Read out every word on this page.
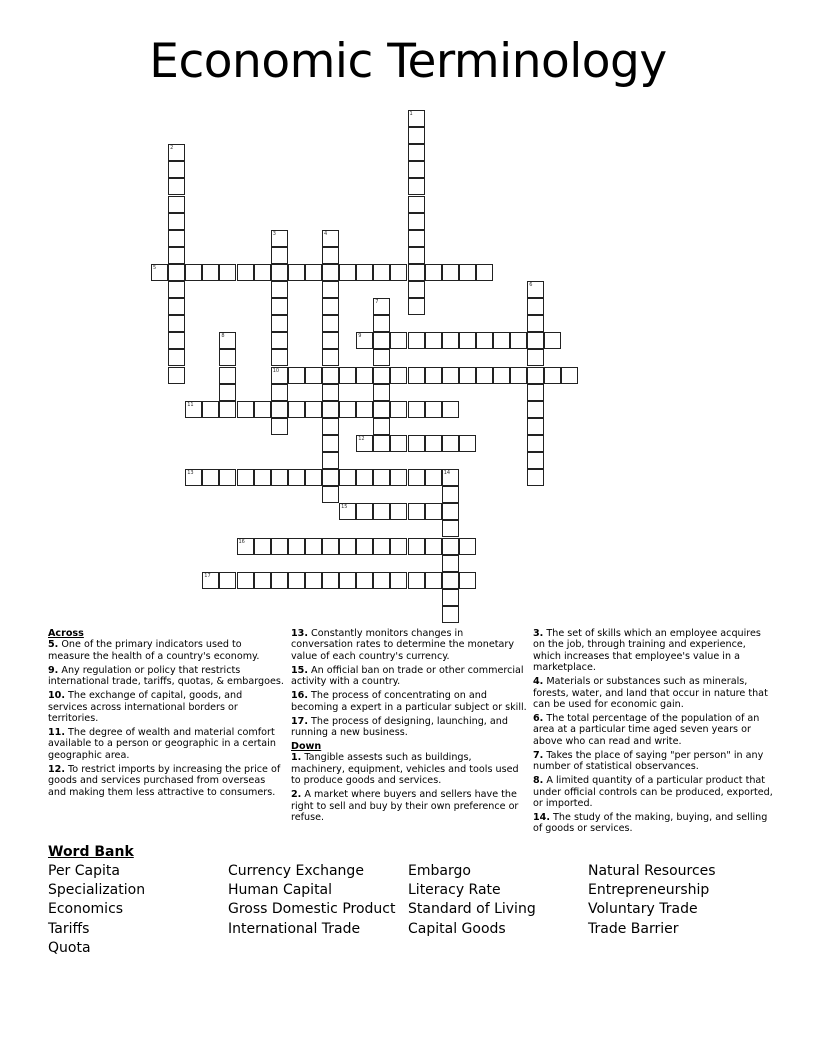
Economic Terminology
1
2
3
10
4
5
6
7
8	9
11
12
13	14
15
16
17

Across

5. One of the primary indicators used to measure the health of a country's economy.

9. Any regulation or policy that restricts international trade, tariffs, quotas, & embargoes.

10. The exchange of capital, goods, and services across international borders or territories.

11. The degree of wealth and material comfort available to a person or geographic in a certain geographic area.

12. To restrict imports by increasing the price of goods and services purchased from overseas and making them less attractive to consumers.

13. Constantly monitors changes in conversation rates to determine the monetary value of each country's currency.

15. An official ban on trade or other commercial activity with a country.

16. The process of concentrating on and becoming a expert in a particular subject or skill.

17. The process of designing, launching, and running a new business.

Down

1. Tangible assests such as buildings, machinery, equipment, vehicles and tools used to produce goods and services.

2. A market where buyers and sellers have the right to sell and buy by their own preference or refuse.

3. The set of skills which an employee acquires on the job, through training and experience, which increases that employee's value in a marketplace.

4. Materials or substances such as minerals, forests, water, and land that occur in nature that can be used for economic gain.

6. The total percentage of the population of an area at a particular time aged seven years or above who can read and write.

7. Takes the place of saying "per person" in any number of statistical observances.

8. A limited quantity of a particular product that under official controls can be produced, exported, or imported.

14. The study of the making, buying, and selling of goods or services.

Word Bank
Per Capita
Specialization
Economics
Tariffs
Quota
Currency Exchange
Human Capital
Gross Domestic Product
International Trade
Embargo
Literacy Rate
Standard of Living
Capital Goods
Natural Resources
Entrepreneurship
Voluntary Trade
Trade Barrier
